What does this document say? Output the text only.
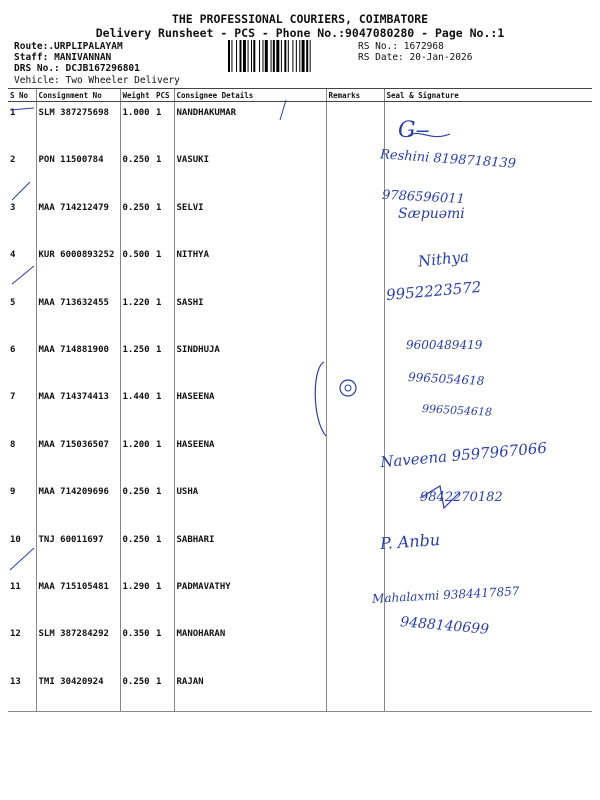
THE PROFESSIONAL COURIERS, COIMBATORE
Delivery Runsheet - PCS - Phone No.:9047080280 - Page No.:1
Route:.URPLIPALAYAM
Staff: MANIVANNAN
DRS No.: DCJB167296801
Vehicle: Two Wheeler Delivery
RS No.: 1672968
RS Date: 20-Jan-2026
S No	Consignment No	Weight	PCS	Consignee Details	Remarks	Seal & Signature
1	SLM 387275698	1.000	1	NANDHAKUMAR		
2	PON 11500784	0.250	1	VASUKI		
3	MAA 714212479	0.250	1	SELVI		
4	KUR 6000893252	0.500	1	NITHYA		
5	MAA 713632455	1.220	1	SASHI		
6	MAA 714881900	1.250	1	SINDHUJA		
7	MAA 714374413	1.440	1	HASEENA		
8	MAA 715036507	1.200	1	HASEENA		
9	MAA 714209696	0.250	1	USHA		
10	TNJ 60011697	0.250	1	SABHARI		
11	MAA 715105481	1.290	1	PADMAVATHY		
12	SLM 387284292	0.350	1	MANOHARAN		
13	TMI 30420924	0.250	1	RAJAN		
G‒
Reshini 8198718139
9786596011
Sæpuəmi
Nithya
9952223572
9600489419
9965054618
9965054618
Naveena 9597967066
9842270182
P. Anbu
Mahalaxmi 9384417857
9488140699
